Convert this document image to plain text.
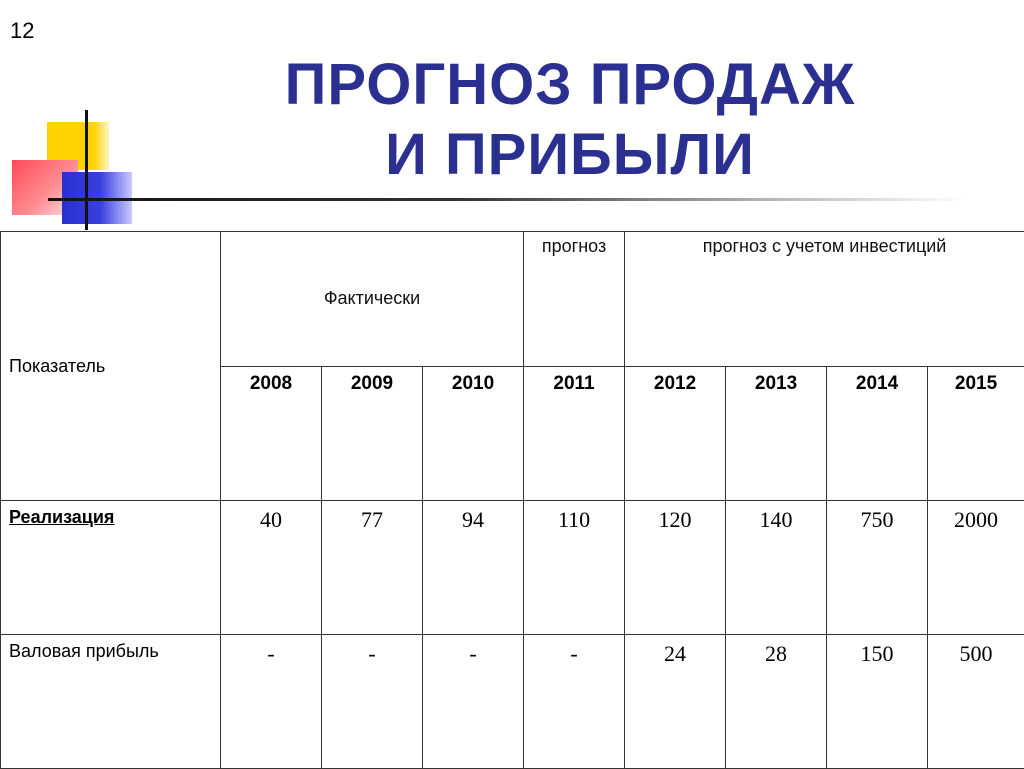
12
ПРОГНОЗ ПРОДАЖ
И ПРИБЫЛИ
Показатель	Фактически			прогноз	прогноз с учетом инвестиций			

	2008	2009	2010	2011	2012	2013	2014	2015
Реализация	40	77	94	110	120	140	750	2000
Валовая прибыль	-	-	-	-	24	28	150	500
